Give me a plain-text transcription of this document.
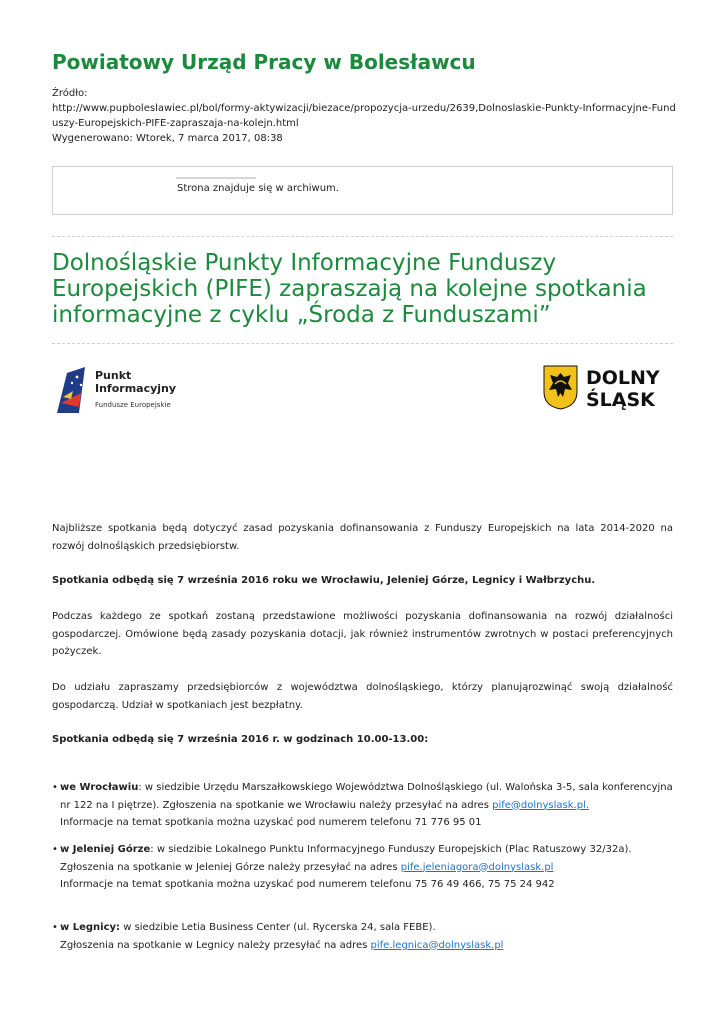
Powiatowy Urząd Pracy w Bolesławcu
Źródło:
http://www.pupboleslawiec.pl/bol/formy-aktywizacji/biezace/propozycja-urzedu/2639,Dolnoslaskie-Punkty-Informacyjne-Fund
uszy-Europejskich-PIFE-zapraszaja-na-kolejn.html
Wygenerowano: Wtorek, 7 marca 2017, 08:38
Strona znajduje się w archiwum.
Dolnośląskie Punkty Informacyjne Funduszy Europejskich (PIFE) zapraszają na kolejne spotkania informacyjne z cyklu „Środa z Funduszami”
Punkt
Informacyjny
Fundusze Europejskie
DOLNY
ŚLĄSK

Najbliższe spotkania będą dotyczyć zasad pozyskania dofinansowania z Funduszy Europejskich na lata 2014-2020 na rozwój dolnośląskich przedsiębiorstw.

Spotkania odbędą się 7 września 2016 roku we Wrocławiu, Jeleniej Górze, Legnicy i Wałbrzychu.

Podczas każdego ze spotkań zostaną przedstawione możliwości pozyskania dofinansowania na rozwój działalności gospodarczej. Omówione będą zasady pozyskania dotacji, jak również instrumentów zwrotnych w postaci preferencyjnych pożyczek.

Do udziału zapraszamy przedsiębiorców z województwa dolnośląskiego, którzy planująrozwinąć swoją działalność gospodarczą. Udział w spotkaniach jest bezpłatny.

Spotkania odbędą się 7 września 2016 r. w godzinach 10.00-13.00:

• we Wrocławiu: w siedzibie Urzędu Marszałkowskiego Województwa Dolnośląskiego (ul. Walońska 3-5, sala konferencyjna
nr 122 na I piętrze). Zgłoszenia na spotkanie we Wrocławiu należy przesyłać na adres pife@dolnyslask.pl.
Informacje na temat spotkania można uzyskać pod numerem telefonu 71 776 95 01
• w Jeleniej Górze: w siedzibie Lokalnego Punktu Informacyjnego Funduszy Europejskich (Plac Ratuszowy 32/32a).
Zgłoszenia na spotkanie w Jeleniej Górze należy przesyłać na adres pife.jeleniagora@dolnyslask.pl
Informacje na temat spotkania można uzyskać pod numerem telefonu 75 76 49 466, 75 75 24 942
• w Legnicy: w siedzibie Letia Business Center (ul. Rycerska 24, sala FEBE).
Zgłoszenia na spotkanie w Legnicy należy przesyłać na adres pife.legnica@dolnyslask.pl
